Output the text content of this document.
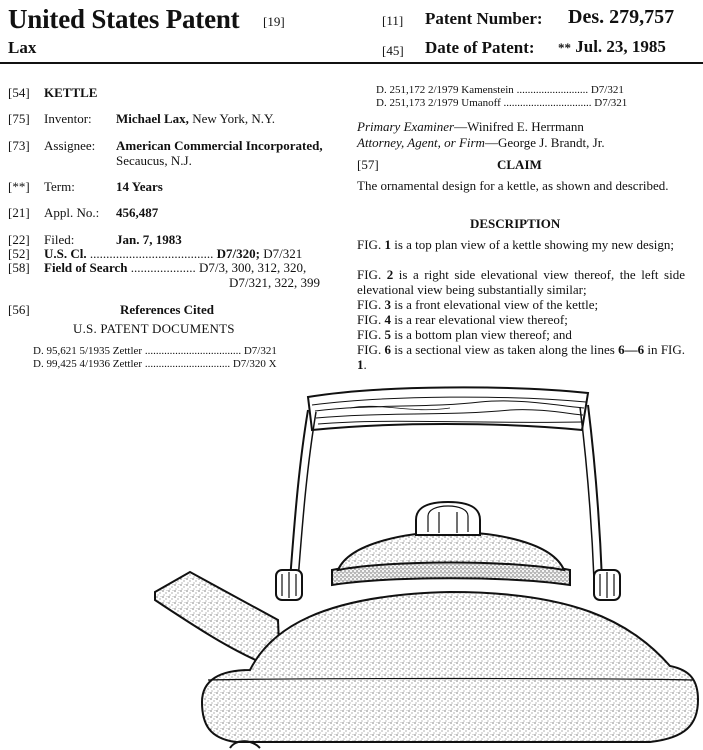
United States Patent [19]
Lax
[11] Patent Number: Des. 279,757
[45] Date of Patent: ** Jul. 23, 1985
[54] KETTLE
[75] Inventor: Michael Lax, New York, N.Y.
[73] Assignee: American Commercial Incorporated,
Secaucus, N.J.
[**] Term:	14 Years
[21] Appl. No.: 456,487
[22] Filed:	Jan. 7, 1983
[52] U.S. Cl. ...................................... D7/320; D7/321
[58] Field of Search .................... D7/3, 300, 312, 320,
D7/321, 322, 399
[56]	References Cited
U.S. PATENT DOCUMENTS
D. 95,621 5/1935 Zettler ................................... D7/321
D. 99,425 4/1936 Zettler ............................... D7/320 X
D. 251,172 2/1979 Kamenstein .......................... D7/321
D. 251,173 2/1979 Umanoff ................................ D7/321
Primary Examiner—Winifred E. Herrmann
Attorney, Agent, or Firm—George J. Brandt, Jr.
[57]	CLAIM
The ornamental design for a kettle, as shown and described.
DESCRIPTION
FIG. 1 is a top plan view of a kettle showing my new design;
FIG. 2 is a right side elevational view thereof, the left side elevational view being substantially similar;
FIG. 3 is a front elevational view of the kettle;
FIG. 4 is a rear elevational view thereof;
FIG. 5 is a bottom plan view thereof; and
FIG. 6 is a sectional view as taken along the lines 6—6 in FIG. 1.
